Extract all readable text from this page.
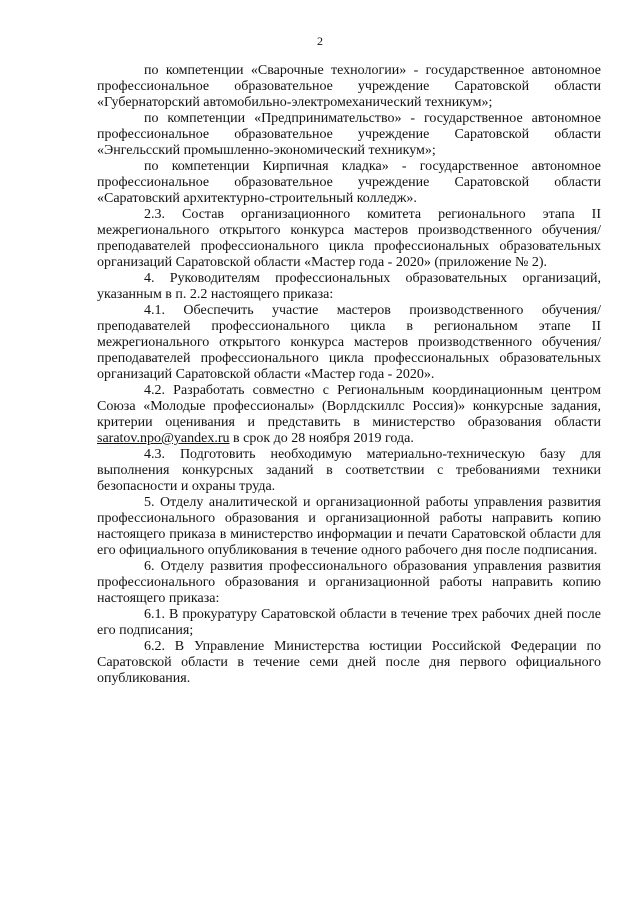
2

по компетенции «Сварочные технологии» - государственное автономное профессиональное образовательное учреждение Саратовской области «Губернаторский автомобильно-электромеханический техникум»;

по компетенции «Предпринимательство» - государственное автономное профессиональное образовательное учреждение Саратовской области «Энгельсский промышленно-экономический техникум»;

по компетенции Кирпичная кладка» - государственное автономное профессиональное образовательное учреждение Саратовской области «Саратовский архитектурно-строительный колледж».

2.3. Состав организационного комитета регионального этапа II межрегионального открытого конкурса мастеров производственного обучения/преподавателей профессионального цикла профессиональных образовательных организаций Саратовской области «Мастер года - 2020» (приложение № 2).

4. Руководителям профессиональных образовательных организаций, указанным в п. 2.2 настоящего приказа:

4.1. Обеспечить участие мастеров производственного обучения/преподавателей профессионального цикла в региональном этапе II межрегионального открытого конкурса мастеров производственного обучения/преподавателей профессионального цикла профессиональных образовательных организаций Саратовской области «Мастер года - 2020».

4.2. Разработать совместно с Региональным координационным центром Союза «Молодые профессионалы» (Ворлдскиллс Россия)» конкурсные задания, критерии оценивания и представить в министерство образования области saratov.npo@yandex.ru в срок до 28 ноября 2019 года.

4.3. Подготовить необходимую материально-техническую базу для выполнения конкурсных заданий в соответствии с требованиями техники безопасности и охраны труда.

5. Отделу аналитической и организационной работы управления развития профессионального образования и организационной работы направить копию настоящего приказа в министерство информации и печати Саратовской области для его официального опубликования в течение одного рабочего дня после подписания.

6. Отделу развития профессионального образования управления развития профессионального образования и организационной работы направить копию настоящего приказа:

6.1. В прокуратуру Саратовской области в течение трех рабочих дней после его подписания;

6.2. В Управление Министерства юстиции Российской Федерации по Саратовской области в течение семи дней после дня первого официального опубликования.
